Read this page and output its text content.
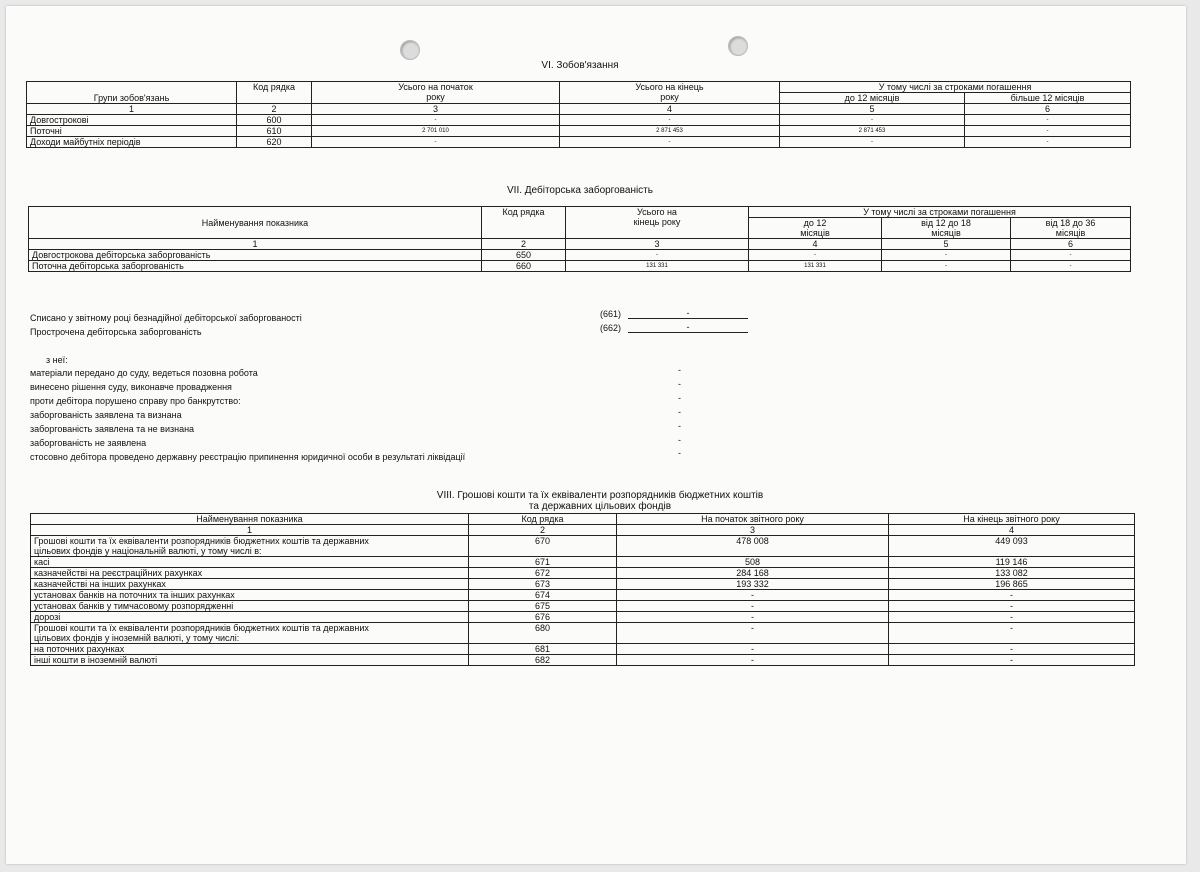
VI. Зобов'язання
Групи зобов'язань	Код рядка	Усього на початок року	Усього на кінець року	У тому числі за строками погашення	
				до 12 місяців	більше 12 місяців
1	2	3	4	5	6
Довгострокові	600	-	-	-	-
Поточні	610	2 701 010	2 871 453	2 871 453	-
Доходи майбутніх періодів	620	-	-	-	-
VII. Дебіторська заборгованість
Найменування показника	Код рядка	Усього на кінець року	У тому числі за строками погашення		
			до 12 місяців	від 12 до 18 місяців	від 18 до 36 місяців
1	2	3	4	5	6
Довгострокова дебіторська заборгованість	650	-	-	-	-
Поточна дебіторська заборгованість	660	131 331	131 331	-	-
Списано у звітному році безнадійної дебіторської заборгованості	(661)	-
Прострочена дебіторська заборгованість	(662)	-
з неї:
матеріали передано до суду, ведеться позовна робота	-
винесено рішення суду, виконавче провадження	-
проти дебітора порушено справу про банкрутство:	-
заборгованість заявлена та визнана	-
заборгованість заявлена та не визнана	-
заборгованість не заявлена	-
стосовно дебітора проведено державну реєстрацію припинення юридичної особи в результаті ліквідації	-
VIII. Грошові кошти та їх еквіваленти розпорядників бюджетних коштів
та державних цільових фондів
Найменування показника	Код рядка	На початок звітного року	На кінець звітного року
1	2	3	4

Грошові кошти та їх еквіваленти розпорядників бюджетних коштів та державних
цільових фондів у національній валюті, у тому числі в:	670	478 008	449 093
касі	671	508	119 146
казначействі на реєстраційних рахунках	672	284 168	133 082
казначействі на інших рахунках	673	193 332	196 865
установах банків на поточних та інших рахунках	674	-	-
установах банків у тимчасовому розпорядженні	675	-	-
дорозі	676	-	-

Грошові кошти та їх еквіваленти розпорядників бюджетних коштів та державних
цільових фондів у іноземній валюті, у тому числі:	680	-	-
на поточних рахунках	681	-	-
інші кошти в іноземній валюті	682	-	-
